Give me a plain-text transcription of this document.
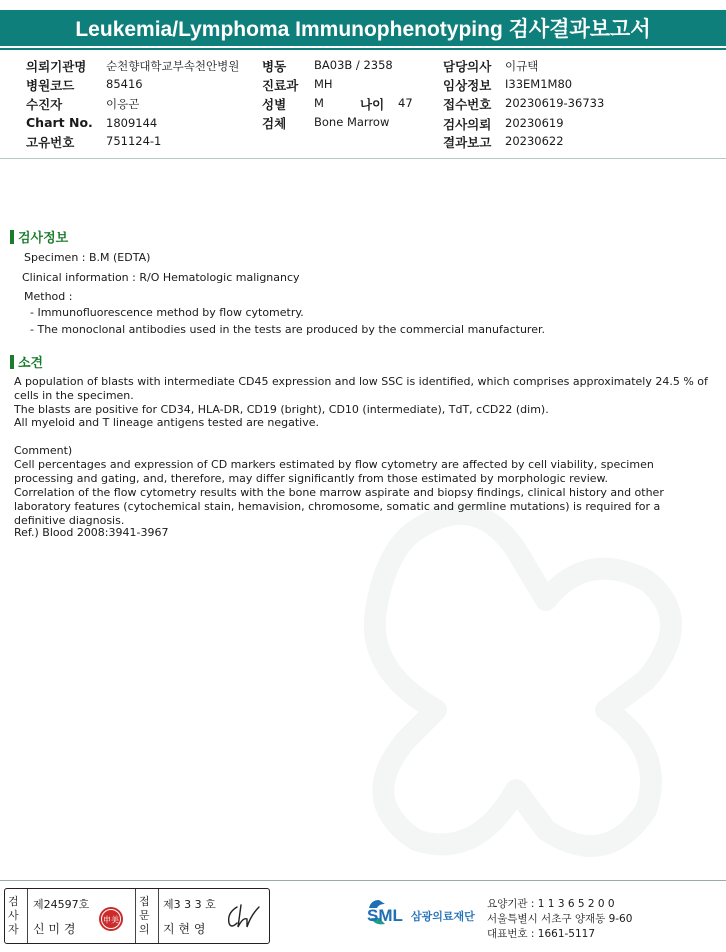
Leukemia/Lymphoma Immunophenotyping 검사결과보고서
의뢰기관명 순천향대학교부속천안병원
병원코드	85416
수진자	이응곤
Chart No. 1809144
고유번호	751124-1
병동 BA03B / 2358
진료과 MH
성별 M	나이 47
검체 Bone Marrow
담당의사 이규택
임상정보 I33EM1M80
접수번호 20230619-36733
검사의뢰 20230619
결과보고 20230622
검사정보
Specimen : B.M (EDTA)
Clinical information : R/O Hematologic malignancy
Method :
- Immunofluorescence method by flow cytometry.
- The monoclonal antibodies used in the tests are produced by the commercial manufacturer.
소견
A population of blasts with intermediate CD45 expression and low SSC is identified, which comprises approximately 24.5 % of cells in the specimen.
The blasts are positive for CD34, HLA-DR, CD19 (bright), CD10 (intermediate), TdT, cCD22 (dim).
All myeloid and T lineage antigens tested are negative.
Comment)
Cell percentages and expression of CD markers estimated by flow cytometry are affected by cell viability, specimen processing and gating, and, therefore, may differ significantly from those estimated by morphologic review.
Correlation of the flow cytometry results with the bone marrow aspirate and biopsy findings, clinical history and other laboratory features (cytochemical stain, hemavision, chromosome, somatic and germline mutations) is required for a definitive diagnosis.
Ref.) Blood 2008:3941-3967
검사자
제24597호
신 미 경
申美
접문의
제3 3 3 호
지 현 영
SML 삼광의료재단
요양기관 : 1 1 3 6 5 2 0 0
서울특별시 서초구 양재동 9-60
대표번호 : 1661-5117
